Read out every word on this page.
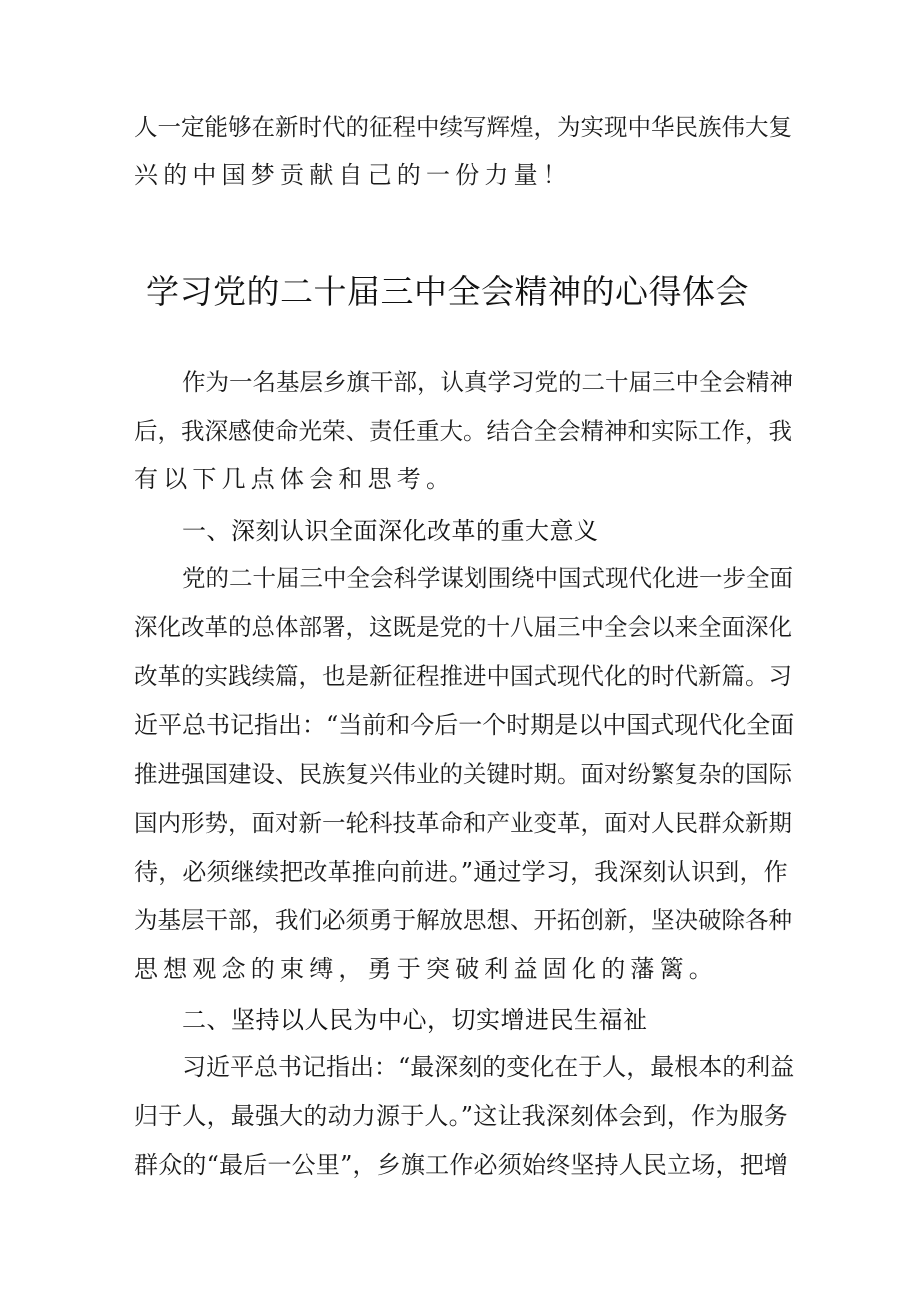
人一定能够在新时代的征程中续写辉煌，为实现中华民族伟大复
兴的中国梦贡献自己的一份力量！
学习党的二十届三中全会精神的心得体会
作为一名基层乡旗干部，认真学习党的二十届三中全会精神
后，我深感使命光荣、责任重大。结合全会精神和实际工作，我
有以下几点体会和思考。
一、深刻认识全面深化改革的重大意义
党的二十届三中全会科学谋划围绕中国式现代化进一步全面
深化改革的总体部署，这既是党的十八届三中全会以来全面深化
改革的实践续篇，也是新征程推进中国式现代化的时代新篇。习
近平总书记指出：“当前和今后一个时期是以中国式现代化全面
推进强国建设、民族复兴伟业的关键时期。面对纷繁复杂的国际
国内形势，面对新一轮科技革命和产业变革，面对人民群众新期
待，必须继续把改革推向前进。”通过学习，我深刻认识到，作
为基层干部，我们必须勇于解放思想、开拓创新，坚决破除各种
思想观念的束缚，勇于突破利益固化的藩篱。
二、坚持以人民为中心，切实增进民生福祉
习近平总书记指出：“最深刻的变化在于人，最根本的利益
归于人，最强大的动力源于人。”这让我深刻体会到，作为服务
群众的“最后一公里”，乡旗工作必须始终坚持人民立场，把增
